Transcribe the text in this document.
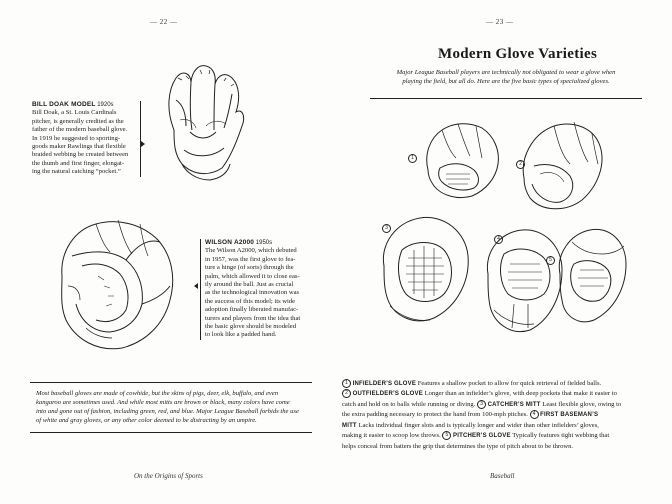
— 22 —
BILL DOAK MODEL 1920s
Bill Doak, a St. Louis Cardinals
pitcher, is generally credited as the
father of the modern baseball glove.
In 1919 he suggested to sporting-
goods maker Rawlings that flexible
braided webbing be created between
the thumb and first finger, elongat-
ing the natural catching “pocket.”
WILSON A2000 1950s
The Wilson A2000, which debuted
in 1957, was the first glove to fea-
ture a hinge (of sorts) through the
palm, which allowed it to close eas-
ily around the ball. Just as crucial
as the technological innovation was
the success of this model; its wide
adoption finally liberated manufac-
turers and players from the idea that
the basic glove should be modeled
to look like a padded hand.
Most baseball gloves are made of cowhide, but the skins of pigs, deer, elk, buffalo, and even
kangaroo are sometimes used. And while most mitts are brown or black, many colors have come
into and gone out of fashion, including green, red, and blue. Major League Baseball forbids the use
of white and gray gloves, or any other color deemed to be distracting by an umpire.
On the Origins of Sports
— 23 —
Modern Glove Varieties
Major League Baseball players are technically not obligated to wear a glove when
playing the field, but all do. Here are the five basic types of specialized gloves.
1
2
3
4
5
1 INFIELDER’S GLOVE Features a shallow pocket to allow for quick retrieval of fielded balls.
2 OUTFIELDER’S GLOVE Longer than an infielder’s glove, with deep pockets that make it easier to
catch and hold on to balls while running or diving. 3 CATCHER’S MITT Least flexible glove, owing to
the extra padding necessary to protect the hand from 100-mph pitches. 4 FIRST BASEMAN’S
MITT Lacks individual finger slots and is typically longer and wider than other infielders’ gloves,
making it easier to scoop low throws. 5 PITCHER’S GLOVE Typically features tight webbing that
helps conceal from batters the grip that determines the type of pitch about to be thrown.
Baseball
